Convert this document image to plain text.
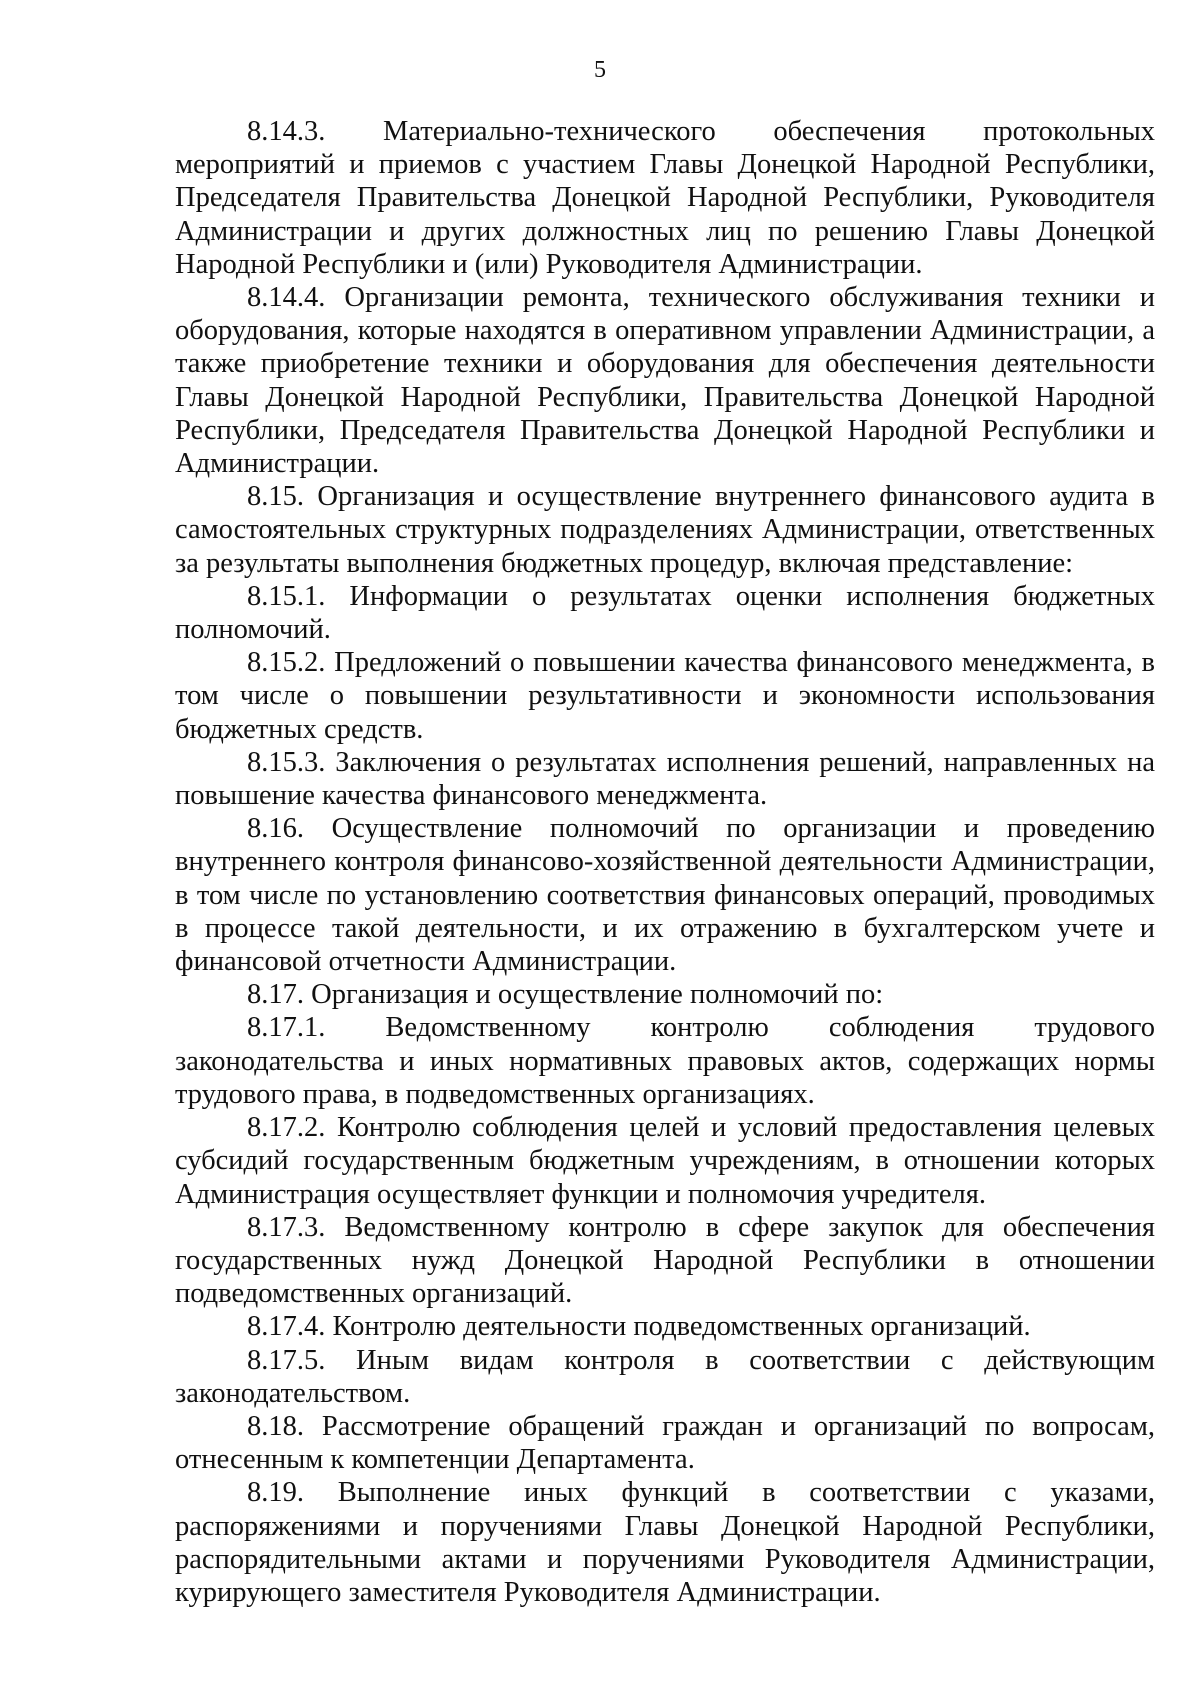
5

8.14.3. Материально-технического обеспечения протокольных мероприятий и приемов с участием Главы Донецкой Народной Республики, Председателя Правительства Донецкой Народной Республики, Руководителя Администрации и других должностных лиц по решению Главы Донецкой Народной Республики и (или) Руководителя Администрации.

8.14.4. Организации ремонта, технического обслуживания техники и оборудования, которые находятся в оперативном управлении Администрации, а также приобретение техники и оборудования для обеспечения деятельности Главы Донецкой Народной Республики, Правительства Донецкой Народной Республики, Председателя Правительства Донецкой Народной Республики и Администрации.

8.15. Организация и осуществление внутреннего финансового аудита в самостоятельных структурных подразделениях Администрации, ответственных за результаты выполнения бюджетных процедур, включая представление:

8.15.1. Информации о результатах оценки исполнения бюджетных полномочий.

8.15.2. Предложений о повышении качества финансового менеджмента, в том числе о повышении результативности и экономности использования бюджетных средств.

8.15.3. Заключения о результатах исполнения решений, направленных на повышение качества финансового менеджмента.

8.16. Осуществление полномочий по организации и проведению внутреннего контроля финансово-хозяйственной деятельности Администрации, в том числе по установлению соответствия финансовых операций, проводимых в процессе такой деятельности, и их отражению в бухгалтерском учете и финансовой отчетности Администрации.

8.17. Организация и осуществление полномочий по:

8.17.1. Ведомственному контролю соблюдения трудового законодательства и иных нормативных правовых актов, содержащих нормы трудового права, в подведомственных организациях.

8.17.2. Контролю соблюдения целей и условий предоставления целевых субсидий государственным бюджетным учреждениям, в отношении которых Администрация осуществляет функции и полномочия учредителя.

8.17.3. Ведомственному контролю в сфере закупок для обеспечения государственных нужд Донецкой Народной Республики в отношении подведомственных организаций.

8.17.4. Контролю деятельности подведомственных организаций.

8.17.5. Иным видам контроля в соответствии с действующим законодательством.

8.18. Рассмотрение обращений граждан и организаций по вопросам, отнесенным к компетенции Департамента.

8.19. Выполнение иных функций в соответствии с указами, распоряжениями и поручениями Главы Донецкой Народной Республики, распорядительными актами и поручениями Руководителя Администрации, курирующего заместителя Руководителя Администрации.
